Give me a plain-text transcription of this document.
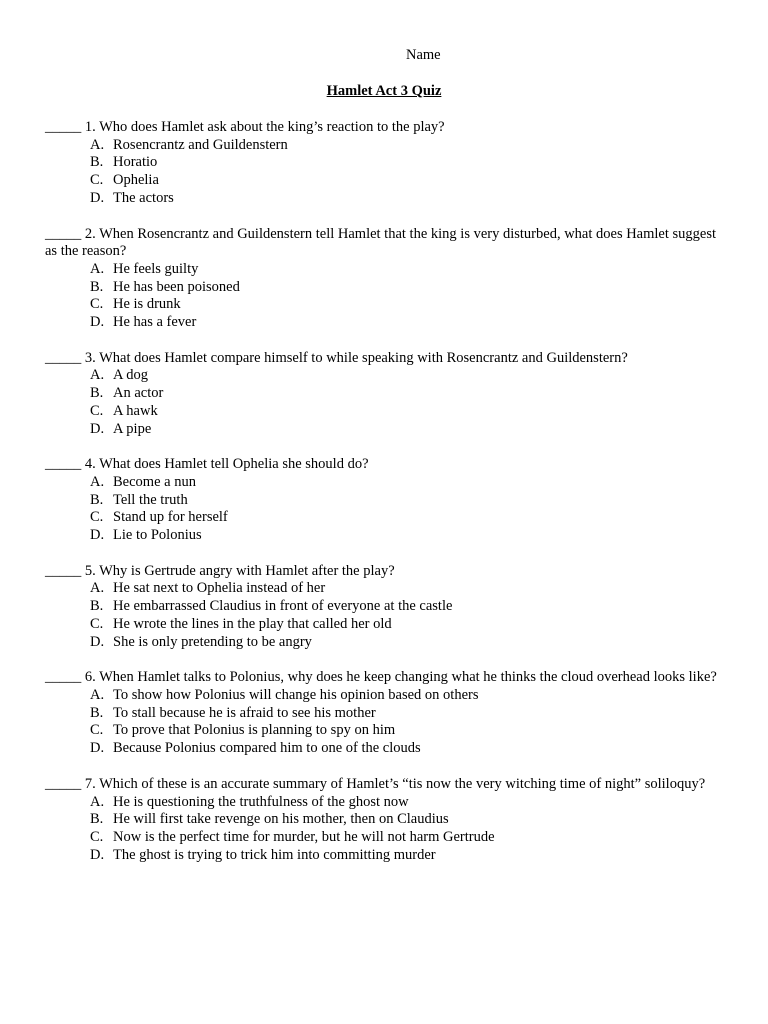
Name
Hamlet Act 3 Quiz
_____ 1. Who does Hamlet ask about the king’s reaction to the play?
A. Rosencrantz and Guildenstern
B. Horatio
C. Ophelia
D. The actors
_____ 2. When Rosencrantz and Guildenstern tell Hamlet that the king is very disturbed, what does Hamlet suggest as the reason?
A. He feels guilty
B. He has been poisoned
C. He is drunk
D. He has a fever
_____ 3. What does Hamlet compare himself to while speaking with Rosencrantz and Guildenstern?
A. A dog
B. An actor
C. A hawk
D. A pipe
_____ 4. What does Hamlet tell Ophelia she should do?
A. Become a nun
B. Tell the truth
C. Stand up for herself
D. Lie to Polonius
_____ 5. Why is Gertrude angry with Hamlet after the play?
A. He sat next to Ophelia instead of her
B. He embarrassed Claudius in front of everyone at the castle
C. He wrote the lines in the play that called her old
D. She is only pretending to be angry
_____ 6. When Hamlet talks to Polonius, why does he keep changing what he thinks the cloud overhead looks like?
A. To show how Polonius will change his opinion based on others
B. To stall because he is afraid to see his mother
C. To prove that Polonius is planning to spy on him
D. Because Polonius compared him to one of the clouds
_____ 7. Which of these is an accurate summary of Hamlet’s “tis now the very witching time of night” soliloquy?
A. He is questioning the truthfulness of the ghost now
B. He will first take revenge on his mother, then on Claudius
C. Now is the perfect time for murder, but he will not harm Gertrude
D. The ghost is trying to trick him into committing murder
